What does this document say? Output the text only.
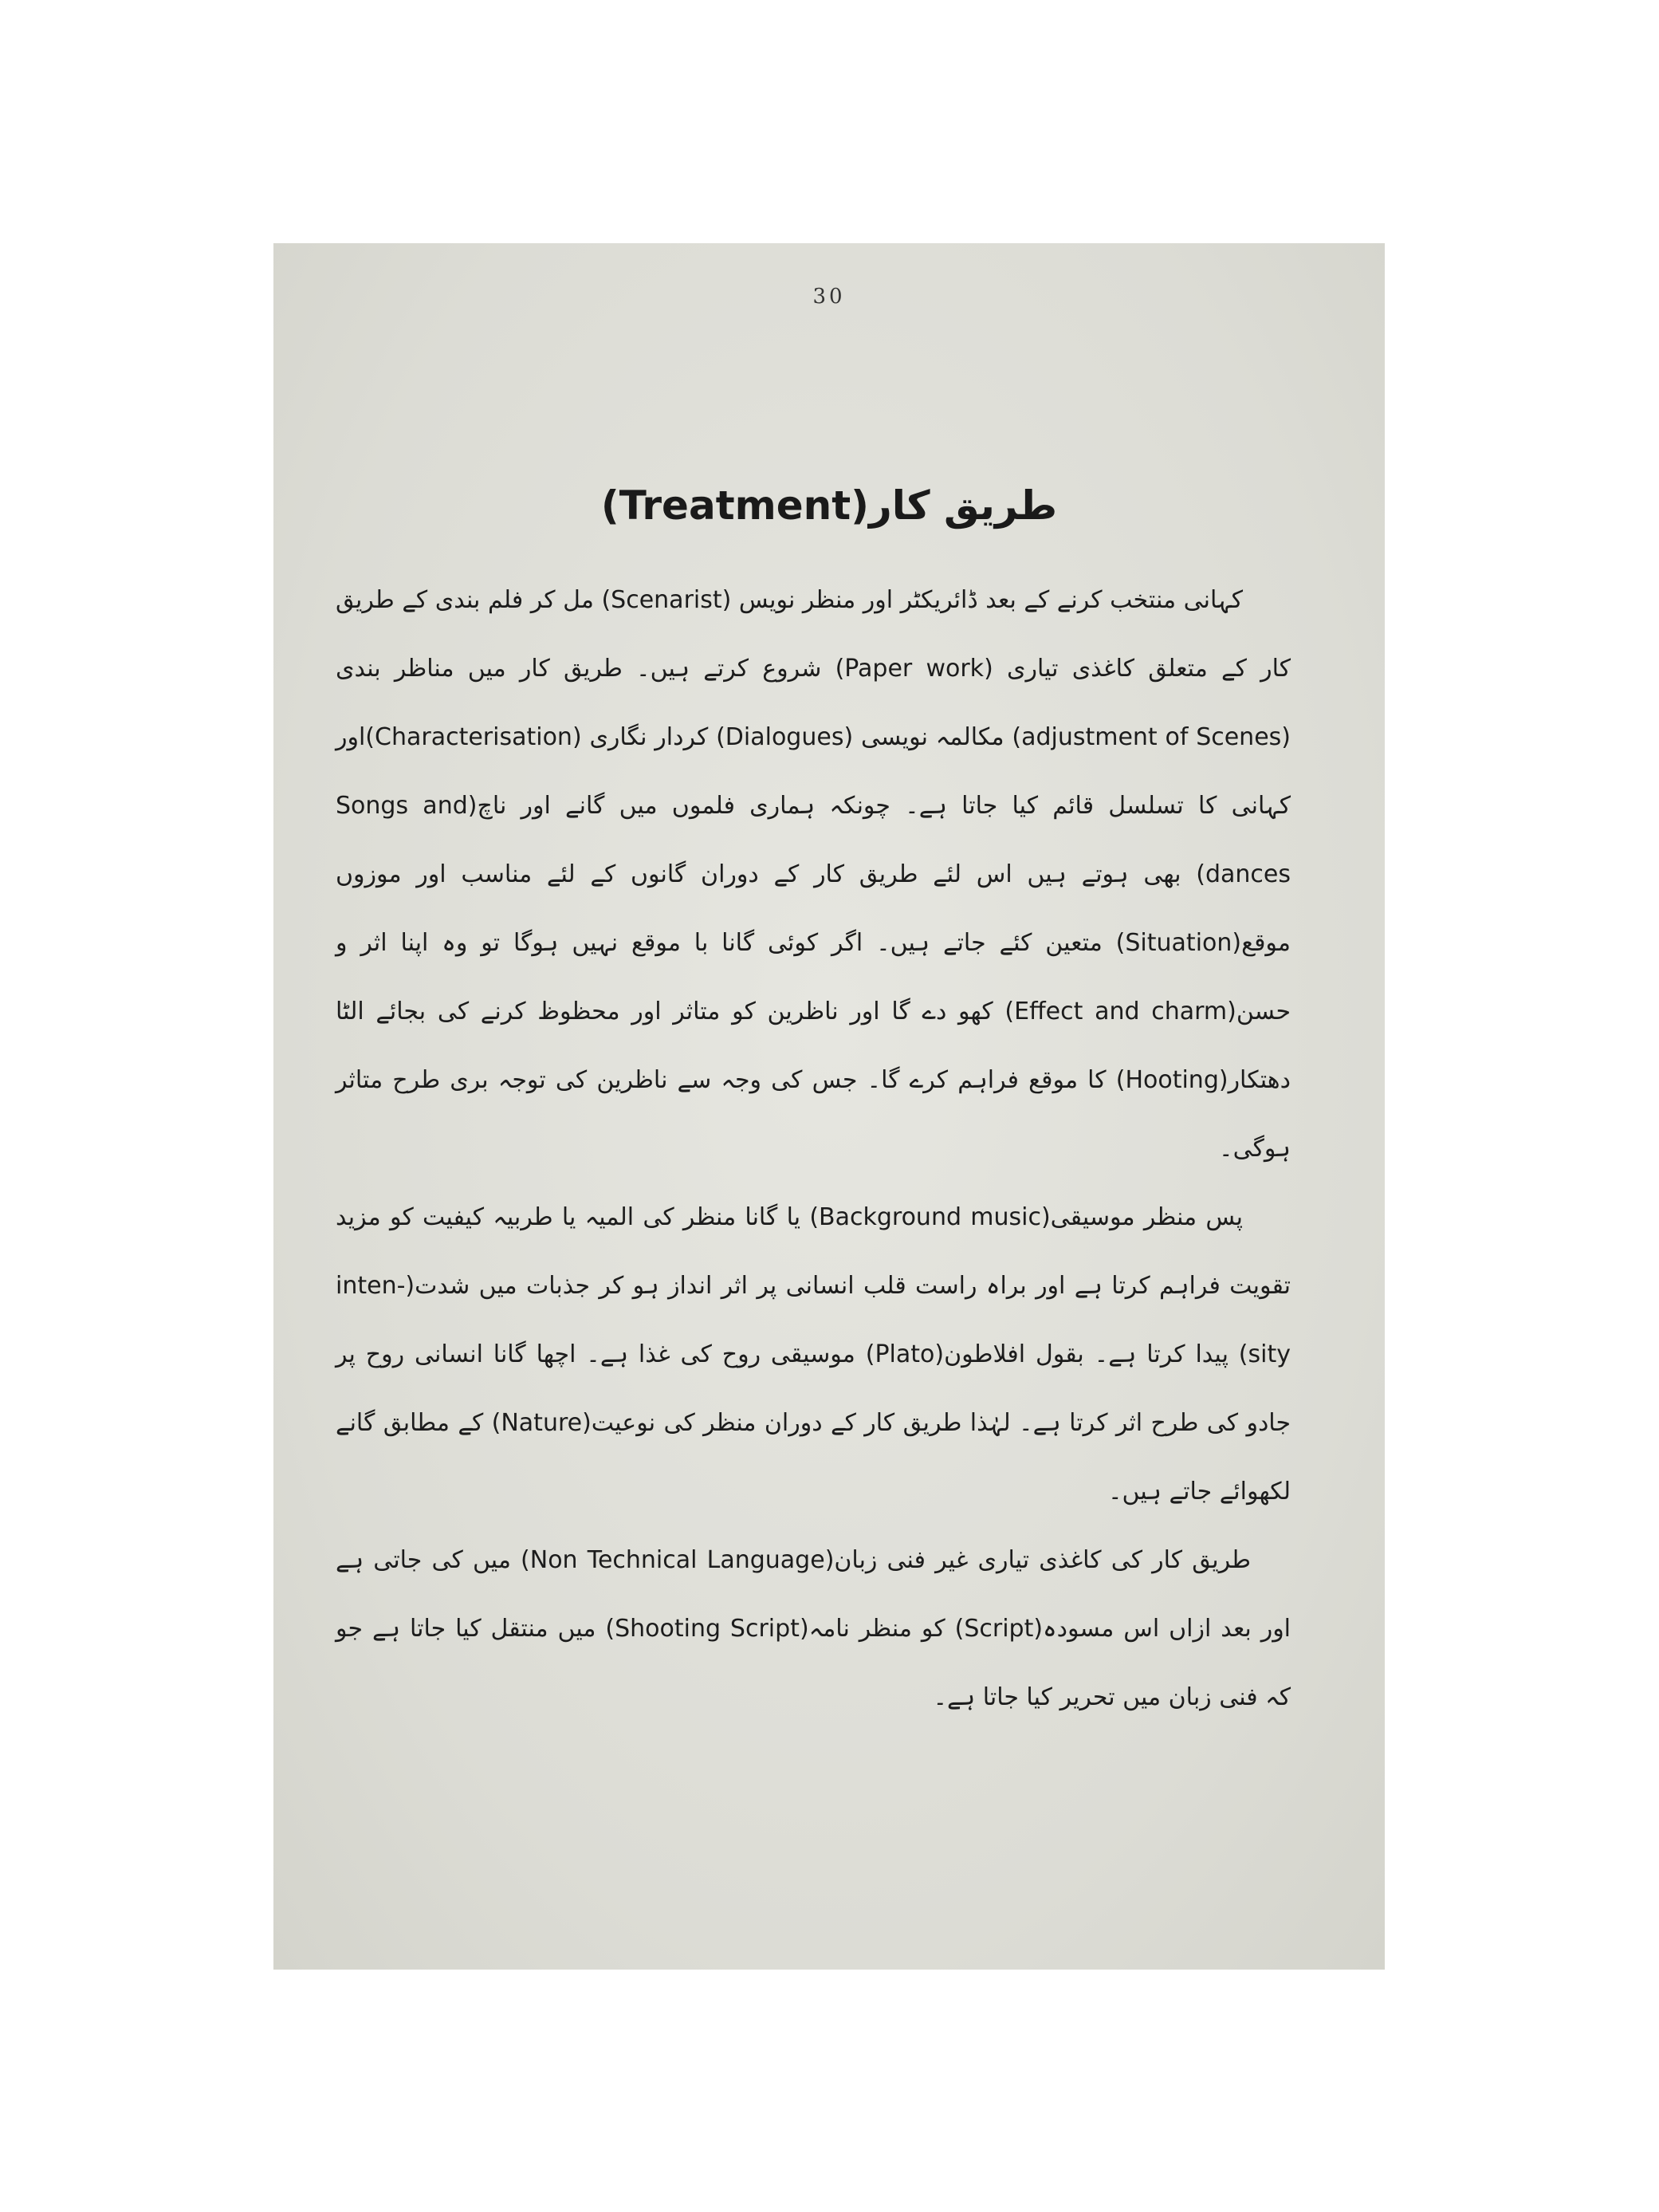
30
طریق کار(Treatment)

کہانی منتخب کرنے کے بعد ڈائریکٹر اور منظر نویس (Scenarist) مل کر فلم بندی کے طریق کار کے متعلق کاغذی تیاری (Paper work) شروع کرتے ہیں۔ طریق کار میں مناظر بندی (adjustment of Scenes) مکالمہ نویسی (Dialogues) کردار نگاری (Characterisation)اور کہانی کا تسلسل قائم کیا جاتا ہے۔ چونکہ ہماری فلموں میں گانے اور ناچ(Songs and dances) بھی ہوتے ہیں اس لئے طریق کار کے دوران گانوں کے لئے مناسب اور موزوں موقع(Situation) متعین کئے جاتے ہیں۔ اگر کوئی گانا با موقع نہیں ہوگا تو وہ اپنا اثر و حسن(Effect and charm) کھو دے گا اور ناظرین کو متاثر اور محظوظ کرنے کی بجائے الٹا دھتکار(Hooting) کا موقع فراہم کرے گا۔ جس کی وجہ سے ناظرین کی توجہ بری طرح متاثر ہوگی۔

پس منظر موسیقی(Background music) یا گانا منظر کی المیہ یا طربیہ کیفیت کو مزید تقویت فراہم کرتا ہے اور براہ راست قلب انسانی پر اثر انداز ہو کر جذبات میں شدت(inten-sity) پیدا کرتا ہے۔ بقول افلاطون(Plato) موسیقی روح کی غذا ہے۔ اچھا گانا انسانی روح پر جادو کی طرح اثر کرتا ہے۔ لہٰذا طریق کار کے دوران منظر کی نوعیت(Nature) کے مطابق گانے لکھوائے جاتے ہیں۔

طریق کار کی کاغذی تیاری غیر فنی زبان(Non Technical Language) میں کی جاتی ہے اور بعد ازاں اس مسودہ(Script) کو منظر نامہ(Shooting Script) میں منتقل کیا جاتا ہے جو کہ فنی زبان میں تحریر کیا جاتا ہے۔
